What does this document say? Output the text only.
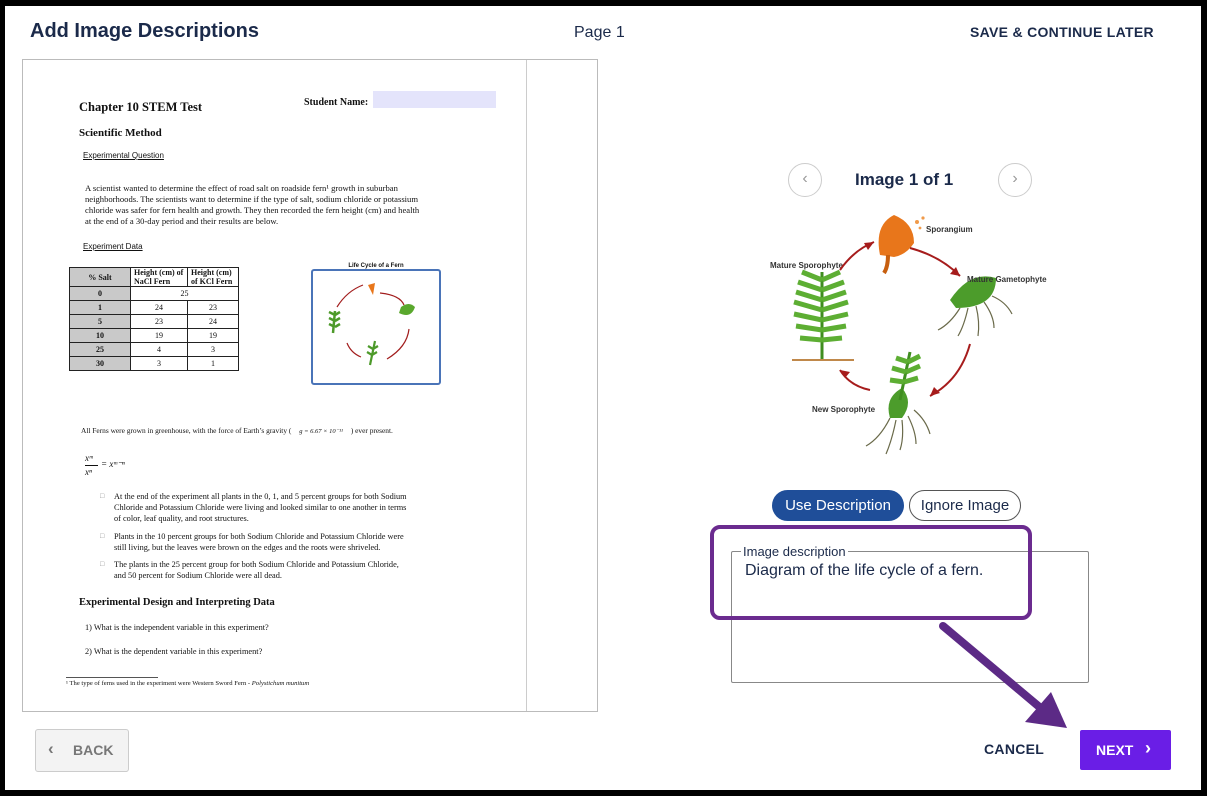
Add Image Descriptions	Page 1	SAVE & CONTINUE LATER
Chapter 10 STEM Test	Student Name:
Scientific Method
Experimental Question
A scientist wanted to determine the effect of road salt on roadside fern¹ growth in suburban
neighborhoods. The scientists want to determine if the type of salt, sodium chloride or potassium
chloride was safer for fern health and growth. They then recorded the fern height (cm) and health
at the end of a 30-day period and their results are below.
Experiment Data
% Salt	Height (cm) of NaCl Fern	Height (cm) of KCl Fern
0	25	
1	24	23
5	23	24
10	19	19
25	4	3
30	3	1
Life Cycle of a Fern
All Ferns were grown in greenhouse, with the force of Earth’s gravity ( g = 6.67 × 10⁻¹¹ ) ever present.
xᵐ
xⁿ
= xᵐ⁻ⁿ
□ At the end of the experiment all plants in the 0, 1, and 5 percent groups for both Sodium
Chloride and Potassium Chloride were living and looked similar to one another in terms
of color, leaf quality, and root structures.
□ Plants in the 10 percent groups for both Sodium Chloride and Potassium Chloride were
still living, but the leaves were brown on the edges and the roots were shriveled.
□ The plants in the 25 percent group for both Sodium Chloride and Potassium Chloride,
and 50 percent for Sodium Chloride were all dead.
Experimental Design and Interpreting Data
1) What is the independent variable in this experiment?
2) What is the dependent variable in this experiment?
¹ The type of ferns used in the experiment were Western Sword Fern - Polystichum munitum
‹	Image 1 of 1	›
Sporangium
Mature Gametophyte
Mature Sporophyte
New Sporophyte
Use Description	Ignore Image
Image description
Diagram of the life cycle of a fern.
‹ BACK	CANCEL	NEXT ›
